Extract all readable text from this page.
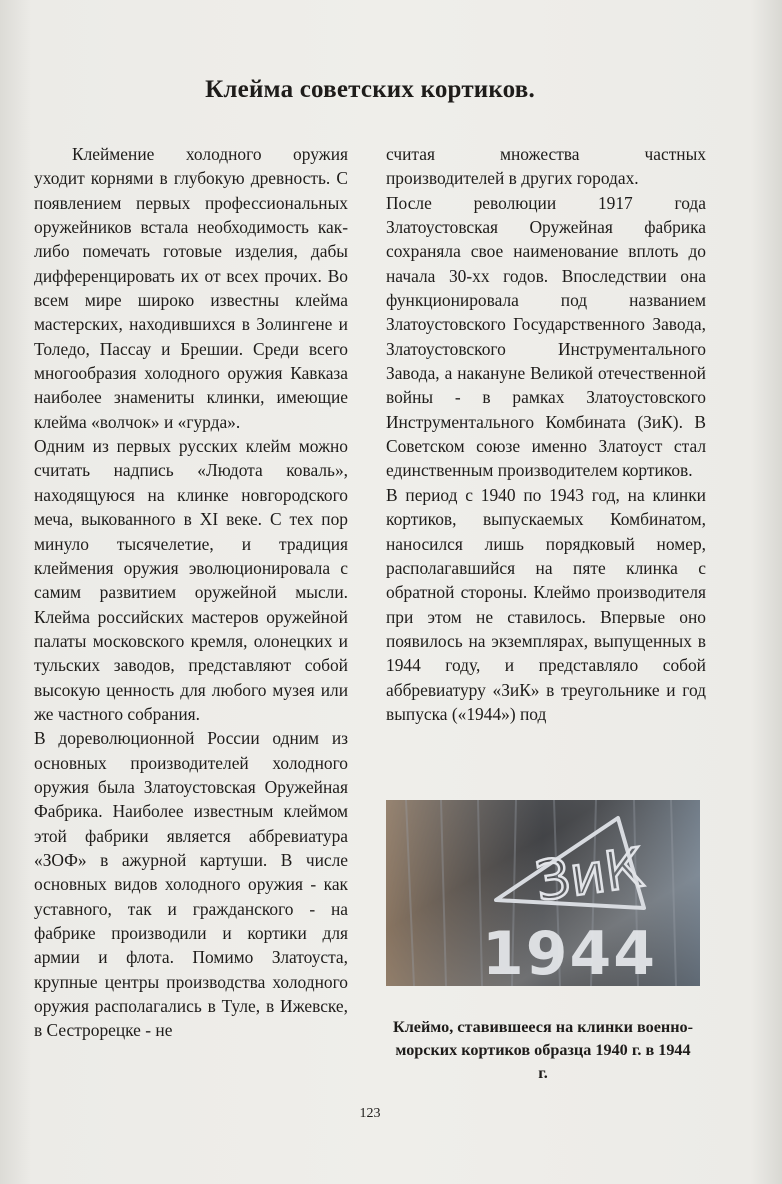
Клейма советских кортиков.

Клеймение холодного оружия уходит корнями в глубокую древность. С появлением первых профессиональных оружейников встала необходимость как-либо помечать готовые изделия, дабы дифференцировать их от всех прочих. Во всем мире широко известны клейма мастерских, находившихся в Золингене и Толедо, Пассау и Брешии. Среди всего многообразия холодного оружия Кавказа наиболее знамениты клинки, имеющие клейма «волчок» и «гурда».

Одним из первых русских клейм можно считать надпись «Людота коваль», находящуюся на клинке новгородского меча, выкованного в XI веке. С тех пор минуло тысячелетие, и традиция клеймения оружия эволюционировала с самим развитием оружейной мысли. Клейма российских мастеров оружейной палаты московского кремля, олонецких и тульских заводов, представляют собой высокую ценность для любого музея или же частного собрания.

В дореволюционной России одним из основных производителей холодного оружия была Златоустовская Оружейная Фабрика. Наиболее известным клеймом этой фабрики является аббревиатура «ЗОФ» в ажурной картуши. В числе основных видов холодного оружия - как уставного, так и гражданского - на фабрике производили и кортики для армии и флота. Помимо Златоуста, крупные центры производства холодного оружия располагались в Туле, в Ижевске, в Сестрорецке - не

считая множества частных производителей в других городах.

После революции 1917 года Златоустовская Оружейная фабрика сохраняла свое наименование вплоть до начала 30-хх годов. Впоследствии она функционировала под названием Златоустовского Государственного Завода, Златоустовского Инструментального Завода, а накануне Великой отечественной войны - в рамках Златоустовского Инструментального Комбината (ЗиК). В Советском союзе именно Златоуст стал единственным производителем кортиков.

В период с 1940 по 1943 год, на клинки кортиков, выпускаемых Комбинатом, наносился лишь порядковый номер, располагавшийся на пяте клинка с обратной стороны. Клеймо производителя при этом не ставилось. Впервые оно появилось на экземплярах, выпущенных в 1944 году, и представляло собой аббревиатуру «ЗиК» в треугольнике и год выпуска («1944») под

ЗиК
1944
Клеймо, ставившееся на клинки военно-морских кортиков образца 1940 г. в 1944 г.
123
